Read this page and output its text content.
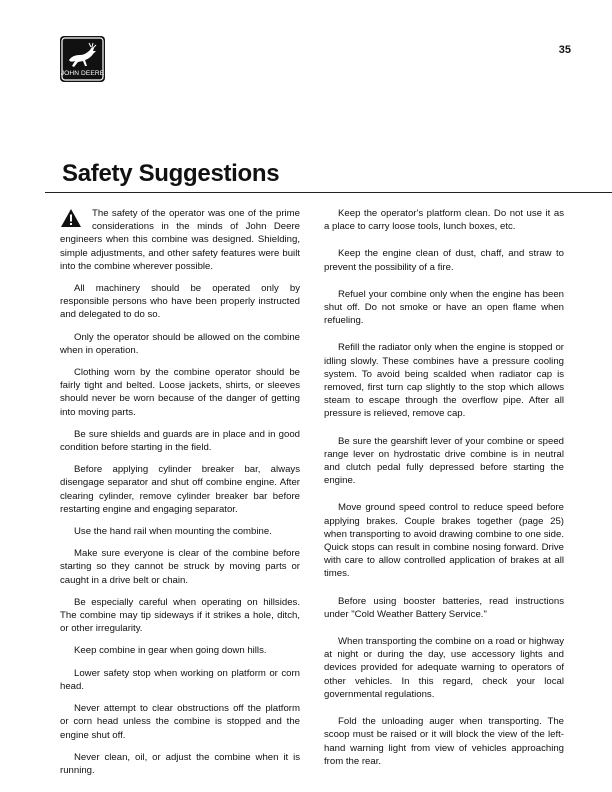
JOHN DEERE
35
Safety Suggestions

The safety of the operator was one of the prime considerations in the minds of John Deere engineers when this combine was designed. Shielding, simple adjustments, and other safety features were built into the combine wherever possible.

All machinery should be operated only by responsible persons who have been properly instructed and delegated to do so.

Only the operator should be allowed on the combine when in operation.

Clothing worn by the combine operator should be fairly tight and belted. Loose jackets, shirts, or sleeves should never be worn because of the danger of getting into moving parts.

Be sure shields and guards are in place and in good condition before starting in the field.

Before applying cylinder breaker bar, always disengage separator and shut off combine engine. After clearing cylinder, remove cylinder breaker bar before restarting engine and engaging separator.

Use the hand rail when mounting the combine.

Make sure everyone is clear of the combine before starting so they cannot be struck by moving parts or caught in a drive belt or chain.

Be especially careful when operating on hillsides. The combine may tip sideways if it strikes a hole, ditch, or other irregularity.

Keep combine in gear when going down hills.

Lower safety stop when working on platform or corn head.

Never attempt to clear obstructions off the platform or corn head unless the combine is stopped and the engine shut off.

Never clean, oil, or adjust the combine when it is running.

Keep the operator's platform clean. Do not use it as a place to carry loose tools, lunch boxes, etc.

Keep the engine clean of dust, chaff, and straw to prevent the possibility of a fire.

Refuel your combine only when the engine has been shut off. Do not smoke or have an open flame when refueling.

Refill the radiator only when the engine is stopped or idling slowly. These combines have a pressure cooling system. To avoid being scalded when radiator cap is removed, first turn cap slightly to the stop which allows steam to escape through the overflow pipe. After all pressure is relieved, remove cap.

Be sure the gearshift lever of your combine or speed range lever on hydrostatic drive combine is in neutral and clutch pedal fully depressed before starting the engine.

Move ground speed control to reduce speed before applying brakes. Couple brakes together (page 25) when transporting to avoid drawing combine to one side. Quick stops can result in combine nosing forward. Drive with care to allow controlled application of brakes at all times.

Before using booster batteries, read instructions under "Cold Weather Battery Service."

When transporting the combine on a road or highway at night or during the day, use accessory lights and devices provided for adequate warning to operators of other vehicles. In this regard, check your local governmental regulations.

Fold the unloading auger when transporting. The scoop must be raised or it will block the view of the left-hand warning light from view of vehicles approaching from the rear.
